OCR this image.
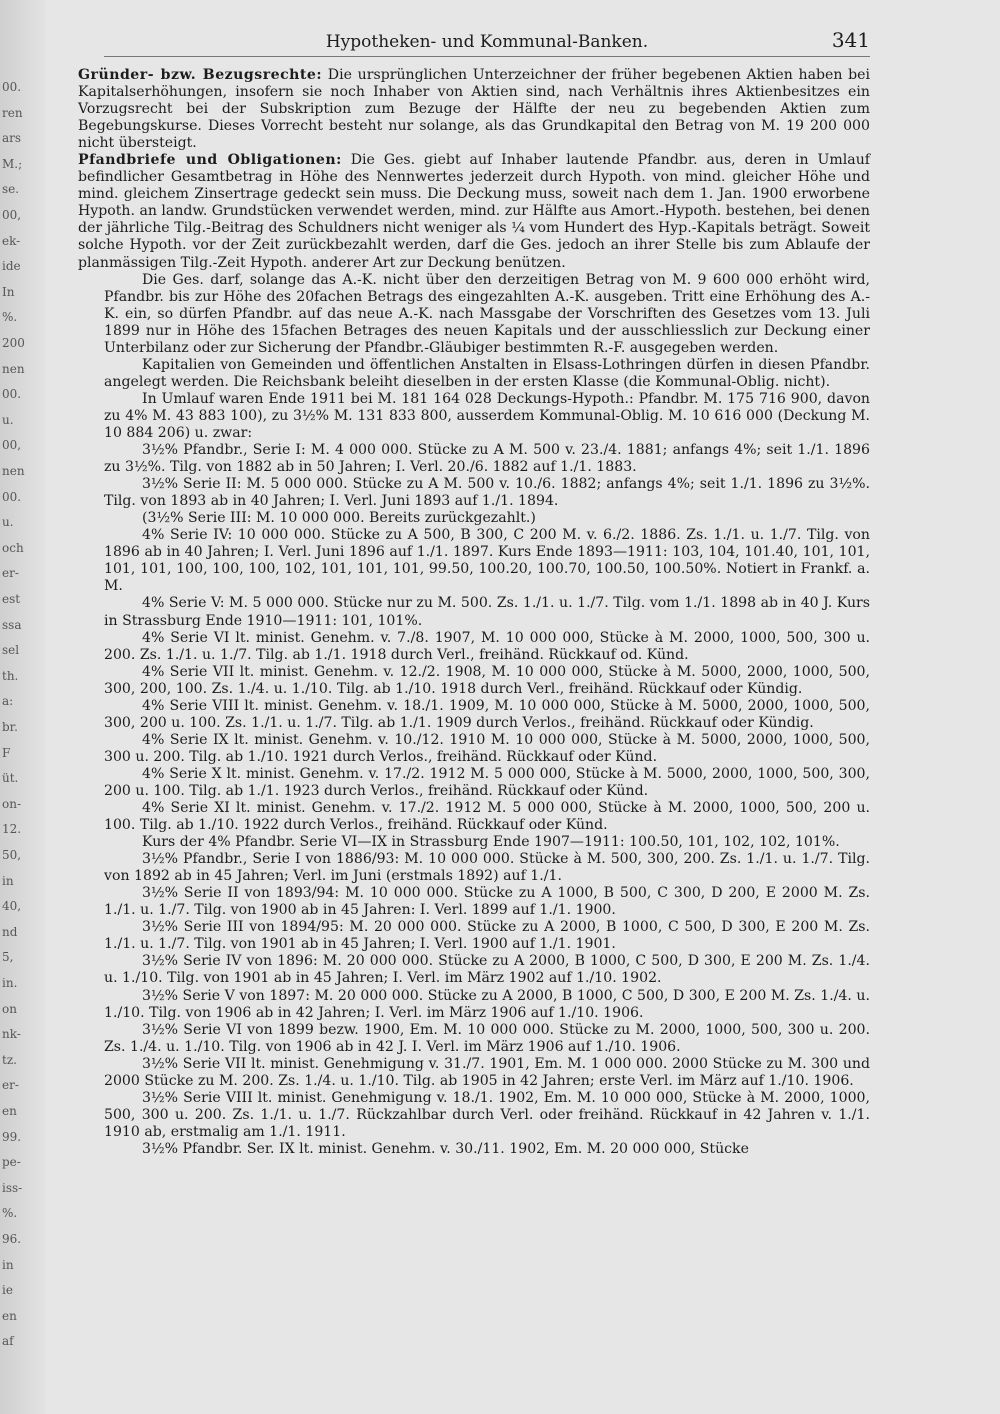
00.
ren
ars
M.;
se.
00,
ek-
ide
In
%.
200
nen
00.
u.
00,
nen
00.
u.
och
er-
est
ssa
sel
th.
a:
br.
F
üt.
on-
12.
50,
in
40,
nd
5,
in.
on
nk-
tz.
er-
en
99.
pe-
iss-
%.
96.
in
ie
en
af
Hypotheken- und Kommunal-Banken.	341

Gründer- bzw. Bezugsrechte: Die ursprünglichen Unterzeichner der früher begebenen Aktien haben bei Kapitalserhöhungen, insofern sie noch Inhaber von Aktien sind, nach Verhältnis ihres Aktienbesitzes ein Vorzugsrecht bei der Subskription zum Bezuge der Hälfte der neu zu begebenden Aktien zum Begebungskurse. Dieses Vorrecht besteht nur solange, als das Grundkapital den Betrag von M. 19 200 000 nicht übersteigt.

Pfandbriefe und Obligationen: Die Ges. giebt auf Inhaber lautende Pfandbr. aus, deren in Umlauf befindlicher Gesamtbetrag in Höhe des Nennwertes jederzeit durch Hypoth. von mind. gleicher Höhe und mind. gleichem Zinsertrage gedeckt sein muss. Die Deckung muss, soweit nach dem 1. Jan. 1900 erworbene Hypoth. an landw. Grundstücken verwendet werden, mind. zur Hälfte aus Amort.-Hypoth. bestehen, bei denen der jährliche Tilg.-Beitrag des Schuldners nicht weniger als ¼ vom Hundert des Hyp.-Kapitals beträgt. Soweit solche Hypoth. vor der Zeit zurückbezahlt werden, darf die Ges. jedoch an ihrer Stelle bis zum Ablaufe der planmässigen Tilg.-Zeit Hypoth. anderer Art zur Deckung benützen.

Die Ges. darf, solange das A.-K. nicht über den derzeitigen Betrag von M. 9 600 000 erhöht wird, Pfandbr. bis zur Höhe des 20fachen Betrags des eingezahlten A.-K. ausgeben. Tritt eine Erhöhung des A.-K. ein, so dürfen Pfandbr. auf das neue A.-K. nach Massgabe der Vorschriften des Gesetzes vom 13. Juli 1899 nur in Höhe des 15fachen Betrages des neuen Kapitals und der ausschliesslich zur Deckung einer Unterbilanz oder zur Sicherung der Pfandbr.-Gläubiger bestimmten R.-F. ausgegeben werden.

Kapitalien von Gemeinden und öffentlichen Anstalten in Elsass-Lothringen dürfen in diesen Pfandbr. angelegt werden. Die Reichsbank beleiht dieselben in der ersten Klasse (die Kommunal-Oblig. nicht).

In Umlauf waren Ende 1911 bei M. 181 164 028 Deckungs-Hypoth.: Pfandbr. M. 175 716 900, davon zu 4% M. 43 883 100), zu 3½% M. 131 833 800, ausserdem Kommunal-Oblig. M. 10 616 000 (Deckung M. 10 884 206) u. zwar:

3½% Pfandbr., Serie I: M. 4 000 000. Stücke zu A M. 500 v. 23./4. 1881; anfangs 4%; seit 1./1. 1896 zu 3½%. Tilg. von 1882 ab in 50 Jahren; I. Verl. 20./6. 1882 auf 1./1. 1883.

3½% Serie II: M. 5 000 000. Stücke zu A M. 500 v. 10./6. 1882; anfangs 4%; seit 1./1. 1896 zu 3½%. Tilg. von 1893 ab in 40 Jahren; I. Verl. Juni 1893 auf 1./1. 1894.

(3½% Serie III: M. 10 000 000. Bereits zurückgezahlt.)

4% Serie IV: 10 000 000. Stücke zu A 500, B 300, C 200 M. v. 6./2. 1886. Zs. 1./1. u. 1./7. Tilg. von 1896 ab in 40 Jahren; I. Verl. Juni 1896 auf 1./1. 1897. Kurs Ende 1893—1911: 103, 104, 101.40, 101, 101, 101, 101, 100, 100, 100, 102, 101, 101, 101, 99.50, 100.20, 100.70, 100.50, 100.50%. Notiert in Frankf. a. M.

4% Serie V: M. 5 000 000. Stücke nur zu M. 500. Zs. 1./1. u. 1./7. Tilg. vom 1./1. 1898 ab in 40 J. Kurs in Strassburg Ende 1910—1911: 101, 101%.

4% Serie VI lt. minist. Genehm. v. 7./8. 1907, M. 10 000 000, Stücke à M. 2000, 1000, 500, 300 u. 200. Zs. 1./1. u. 1./7. Tilg. ab 1./1. 1918 durch Verl., freihänd. Rückkauf od. Künd.

4% Serie VII lt. minist. Genehm. v. 12./2. 1908, M. 10 000 000, Stücke à M. 5000, 2000, 1000, 500, 300, 200, 100. Zs. 1./4. u. 1./10. Tilg. ab 1./10. 1918 durch Verl., freihänd. Rückkauf oder Kündig.

4% Serie VIII lt. minist. Genehm. v. 18./1. 1909, M. 10 000 000, Stücke à M. 5000, 2000, 1000, 500, 300, 200 u. 100. Zs. 1./1. u. 1./7. Tilg. ab 1./1. 1909 durch Verlos., freihänd. Rückkauf oder Kündig.

4% Serie IX lt. minist. Genehm. v. 10./12. 1910 M. 10 000 000, Stücke à M. 5000, 2000, 1000, 500, 300 u. 200. Tilg. ab 1./10. 1921 durch Verlos., freihänd. Rückkauf oder Künd.

4% Serie X lt. minist. Genehm. v. 17./2. 1912 M. 5 000 000, Stücke à M. 5000, 2000, 1000, 500, 300, 200 u. 100. Tilg. ab 1./1. 1923 durch Verlos., freihänd. Rückkauf oder Künd.

4% Serie XI lt. minist. Genehm. v. 17./2. 1912 M. 5 000 000, Stücke à M. 2000, 1000, 500, 200 u. 100. Tilg. ab 1./10. 1922 durch Verlos., freihänd. Rückkauf oder Künd.

Kurs der 4% Pfandbr. Serie VI—IX in Strassburg Ende 1907—1911: 100.50, 101, 102, 102, 101%.

3½% Pfandbr., Serie I von 1886/93: M. 10 000 000. Stücke à M. 500, 300, 200. Zs. 1./1. u. 1./7. Tilg. von 1892 ab in 45 Jahren; Verl. im Juni (erstmals 1892) auf 1./1.

3½% Serie II von 1893/94: M. 10 000 000. Stücke zu A 1000, B 500, C 300, D 200, E 2000 M. Zs. 1./1. u. 1./7. Tilg. von 1900 ab in 45 Jahren: I. Verl. 1899 auf 1./1. 1900.

3½% Serie III von 1894/95: M. 20 000 000. Stücke zu A 2000, B 1000, C 500, D 300, E 200 M. Zs. 1./1. u. 1./7. Tilg. von 1901 ab in 45 Jahren; I. Verl. 1900 auf 1./1. 1901.

3½% Serie IV von 1896: M. 20 000 000. Stücke zu A 2000, B 1000, C 500, D 300, E 200 M. Zs. 1./4. u. 1./10. Tilg. von 1901 ab in 45 Jahren; I. Verl. im März 1902 auf 1./10. 1902.

3½% Serie V von 1897: M. 20 000 000. Stücke zu A 2000, B 1000, C 500, D 300, E 200 M. Zs. 1./4. u. 1./10. Tilg. von 1906 ab in 42 Jahren; I. Verl. im März 1906 auf 1./10. 1906.

3½% Serie VI von 1899 bezw. 1900, Em. M. 10 000 000. Stücke zu M. 2000, 1000, 500, 300 u. 200. Zs. 1./4. u. 1./10. Tilg. von 1906 ab in 42 J. I. Verl. im März 1906 auf 1./10. 1906.

3½% Serie VII lt. minist. Genehmigung v. 31./7. 1901, Em. M. 1 000 000. 2000 Stücke zu M. 300 und 2000 Stücke zu M. 200. Zs. 1./4. u. 1./10. Tilg. ab 1905 in 42 Jahren; erste Verl. im März auf 1./10. 1906.

3½% Serie VIII lt. minist. Genehmigung v. 18./1. 1902, Em. M. 10 000 000, Stücke à M. 2000, 1000, 500, 300 u. 200. Zs. 1./1. u. 1./7. Rückzahlbar durch Verl. oder freihänd. Rückkauf in 42 Jahren v. 1./1. 1910 ab, erstmalig am 1./1. 1911.

3½% Pfandbr. Ser. IX lt. minist. Genehm. v. 30./11. 1902, Em. M. 20 000 000, Stücke
